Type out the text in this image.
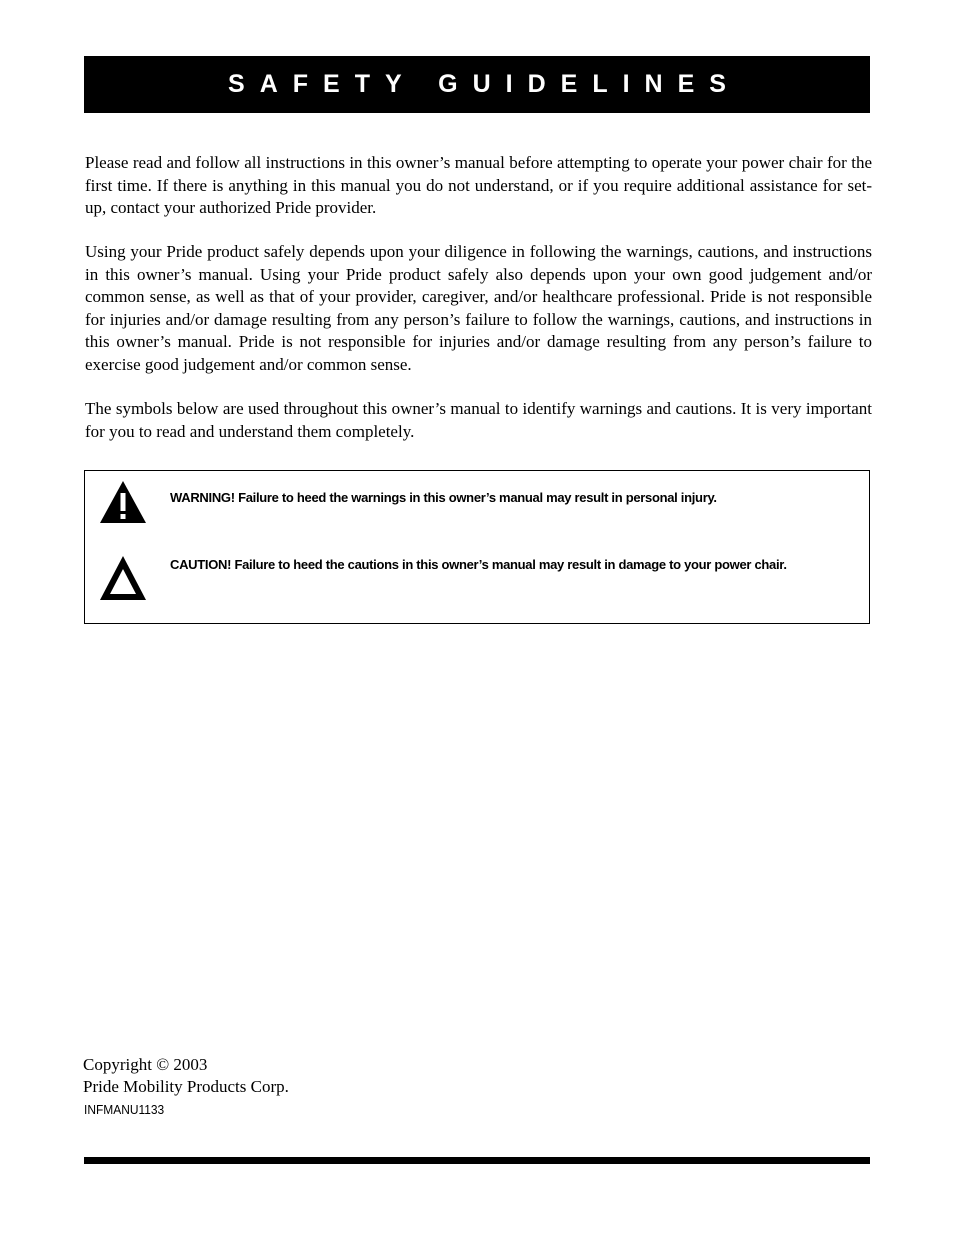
SAFETY GUIDELINES

Please read and follow all instructions in this owner’s manual before attempting to operate your power chair for the first time. If there is anything in this manual you do not understand, or if you require additional assistance for set-up, contact your authorized Pride provider.

Using your Pride product safely depends upon your diligence in following the warnings, cautions, and instructions in this owner’s manual. Using your Pride product safely also depends upon your own good judgement and/or common sense, as well as that of your provider, caregiver, and/or healthcare professional. Pride is not responsible for injuries and/or damage resulting from any person’s failure to follow the warnings, cautions, and instructions in this owner’s manual. Pride is not responsible for injuries and/or damage resulting from any person’s failure to exercise good judgement and/or common sense.

The symbols below are used throughout this owner’s manual to identify warnings and cautions. It is very important for you to read and understand them completely.

WARNING! Failure to heed the warnings in this owner’s manual may result in personal injury.
CAUTION! Failure to heed the cautions in this owner’s manual may result in damage to your power chair.
Copyright © 2003
Pride Mobility Products Corp.
INFMANU1133
